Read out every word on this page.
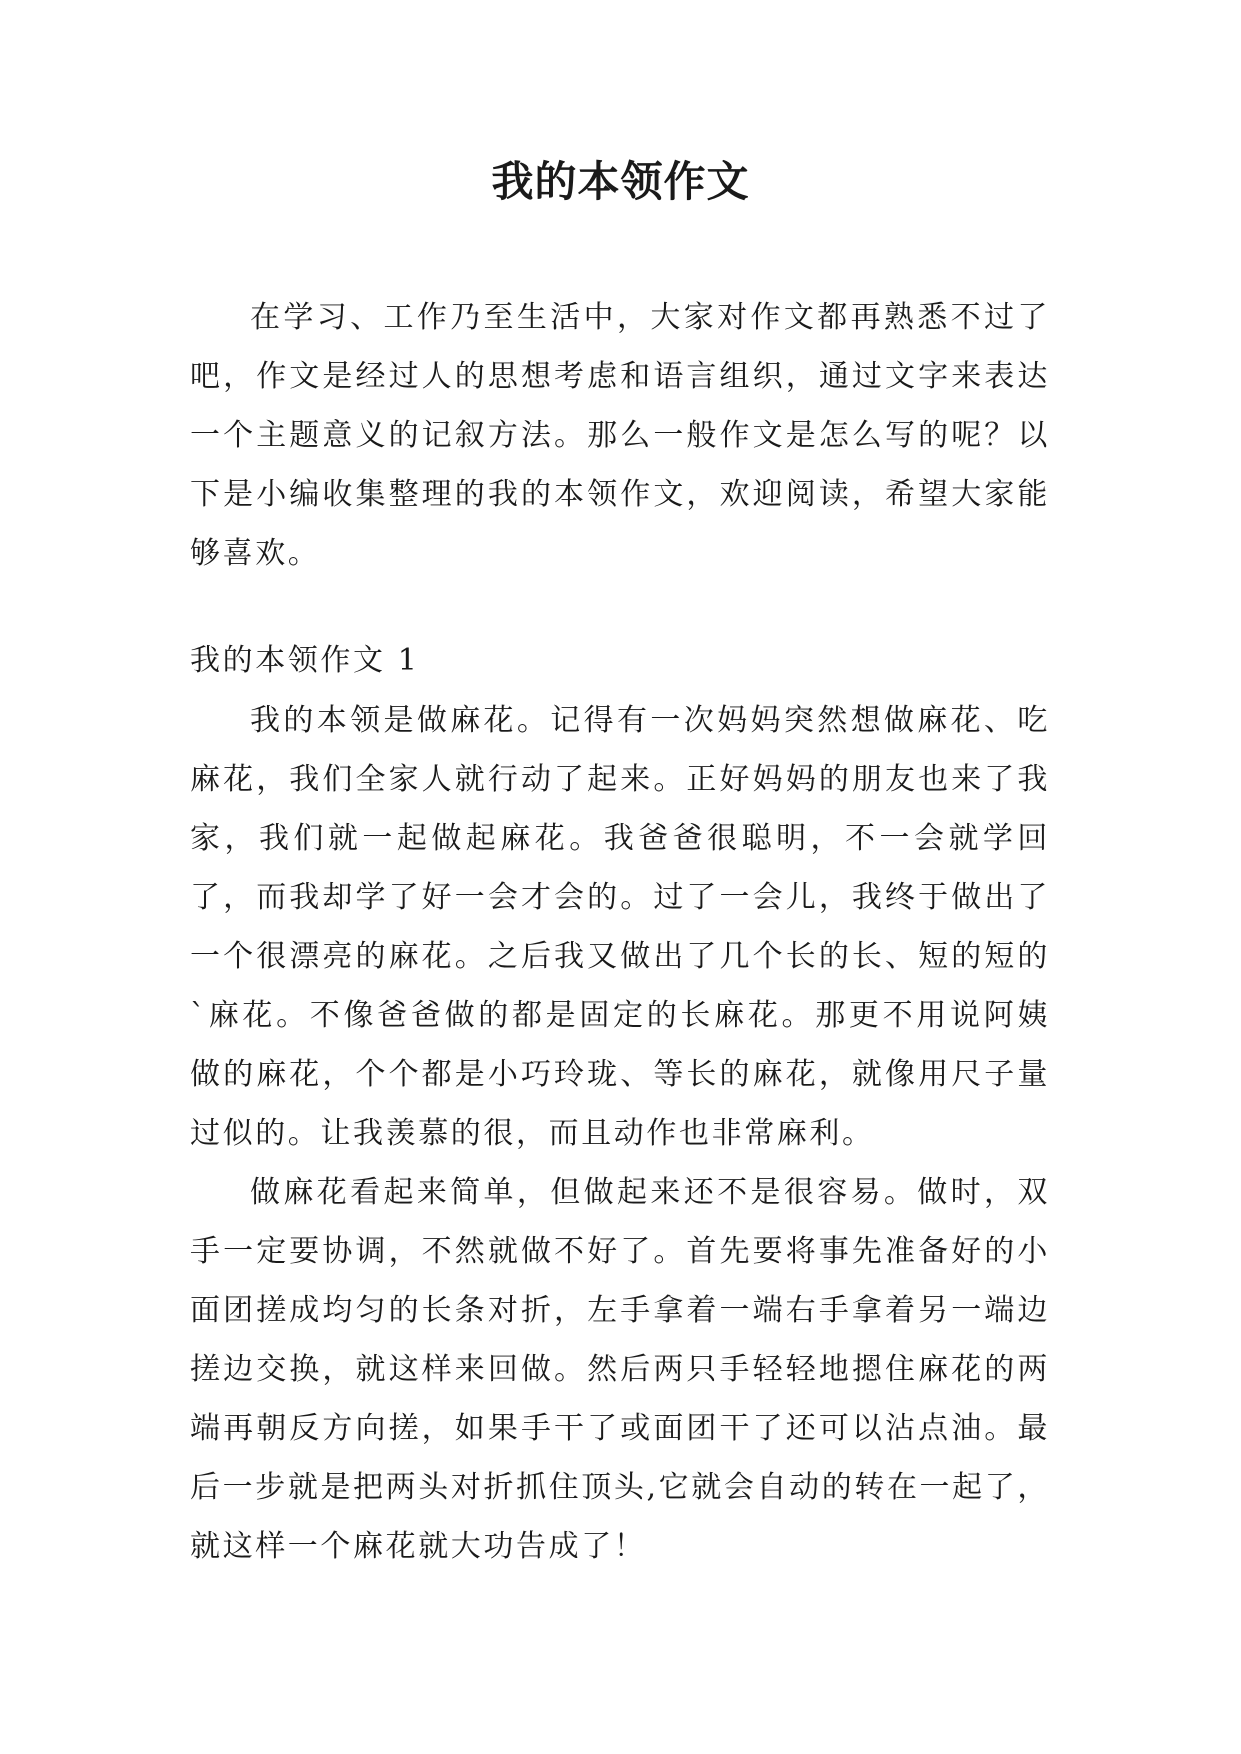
我的本领作文

在学习、工作乃至生活中，大家对作文都再熟悉不过了吧，作文是经过人的思想考虑和语言组织，通过文字来表达一个主题意义的记叙方法。那么一般作文是怎么写的呢？以下是小编收集整理的我的本领作文，欢迎阅读，希望大家能够喜欢。

我的本领作文 1

我的本领是做麻花。记得有一次妈妈突然想做麻花、吃麻花，我们全家人就行动了起来。正好妈妈的朋友也来了我家，我们就一起做起麻花。我爸爸很聪明，不一会就学回了，而我却学了好一会才会的。过了一会儿，我终于做出了一个很漂亮的麻花。之后我又做出了几个长的长、短的短的`麻花。不像爸爸做的都是固定的长麻花。那更不用说阿姨做的麻花，个个都是小巧玲珑、等长的麻花，就像用尺子量过似的。让我羡慕的很，而且动作也非常麻利。

做麻花看起来简单，但做起来还不是很容易。做时，双手一定要协调，不然就做不好了。首先要将事先准备好的小面团搓成均匀的长条对折，左手拿着一端右手拿着另一端边搓边交换，就这样来回做。然后两只手轻轻地摁住麻花的两端再朝反方向搓，如果手干了或面团干了还可以沾点油。最后一步就是把两头对折抓住顶头,它就会自动的转在一起了，就这样一个麻花就大功告成了！
